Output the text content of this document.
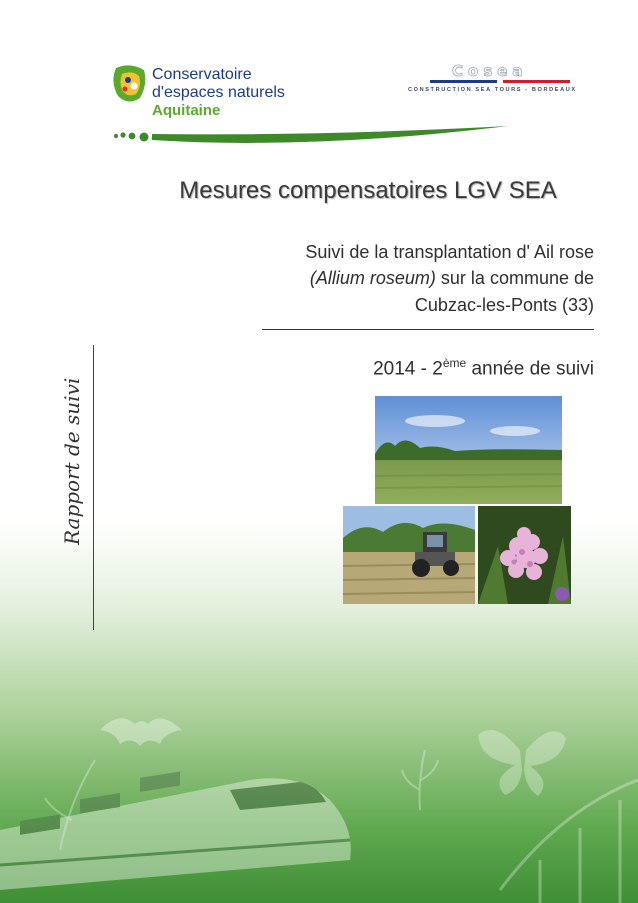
Conservatoire
d'espaces naturels
Aquitaine
Cosea
CONSTRUCTION SEA TOURS - BORDEAUX
Mesures compensatoires LGV SEA
Suivi de la transplantation d' Ail rose
(Allium roseum) sur la commune de
Cubzac-les-Ponts (33)
2014 - 2ème année de suivi
Rapport de suivi
